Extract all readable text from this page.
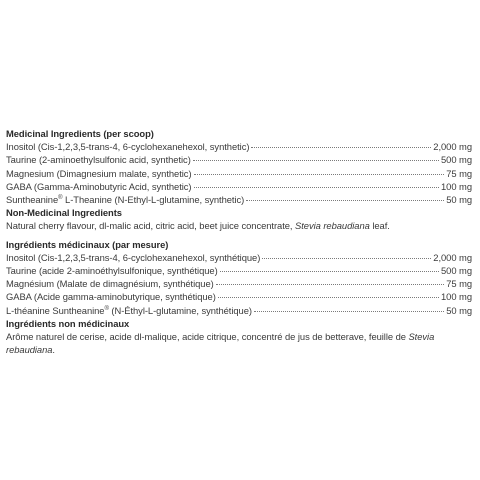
Medicinal Ingredients (per scoop)
Inositol (Cis-1,2,3,5-trans-4, 6-cyclohexanehexol, synthetic)	2,000 mg
Taurine (2-aminoethylsulfonic acid, synthetic)	500 mg
Magnesium (Dimagnesium malate, synthetic)	75 mg
GABA (Gamma-Aminobutyric Acid, synthetic)	100 mg
Suntheanine® L-Theanine (N-Ethyl-L-glutamine, synthetic)	50 mg
Non-Medicinal Ingredients
Natural cherry flavour, dl-malic acid, citric acid, beet juice concentrate, Stevia rebaudiana leaf.
Ingrédients médicinaux (par mesure)
Inositol (Cis-1,2,3,5-trans-4, 6-cyclohexanehexol, synthétique)	2,000 mg
Taurine (acide 2-aminoéthylsulfonique, synthétique)	500 mg
Magnésium (Malate de dimagnésium, synthétique)	75 mg
GABA (Acide gamma-aminobutyrique, synthétique)	100 mg
L-théanine Suntheanine® (N-Éthyl-L-glutamine, synthétique)	50 mg
Ingrédients non médicinaux
Arôme naturel de cerise, acide dl-malique, acide citrique, concentré de jus de betterave, feuille de Stevia rebaudiana.
